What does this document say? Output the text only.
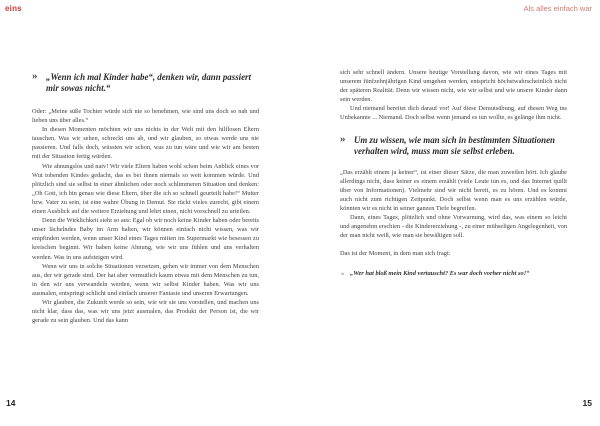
eins	Als alles einfach war
» „Wenn ich mal Kinder habe“, denken wir, dann passiert mir sowas nicht.“

Oder: „Meine süße Tochter würde sich nie so benehmen, wie sind uns doch so nah und lieben uns über alles.“

In diesen Momenten möchten wir uns nichts in der Welt mit den hilflosen Eltern tauschen. Was wir sehen, schreckt uns ab, und wir glauben, so etwas werde uns nie passieren. Und falls doch, wüssten wir schon, was zu tun wäre und wie wir am besten mit der Situation fertig würden.

Wie ahnungslos und naiv! Wir viele Eltern haben wohl schon beim Anblick eines vor Wut tobenden Kindes gedacht, das es bei ihnen niemals so weit kommen würde. Und plötzlich sind sie selbst in einer ähnlichen oder noch schlimmeren Situation und denken: „Oh Gott, ich bin genau wie diese Eltern, über die ich so schnell geurteilt habe!“ Mutter bzw. Vater zu sein, ist eine wahre Übung in Demut. Sie rückt vieles zurecht, gibt einem einen Ausblick auf die weitere Erziehung und lehrt einen, nicht vorschnell zu urteilen.

Denn die Wirklichkeit sieht so aus: Egal ob wir noch keine Kinder haben oder bereits unser lächelndes Baby im Arm halten, wir können einfach nicht wissen, was wir empfinden werden, wenn unser Kind eines Tages mitten im Supermarkt wie besessen zu kreischen beginnt. Wir haben keine Ahnung, wie wir uns fühlen und uns verhalten werden. Was in uns aufsteigen wird.

Wenn wir uns in solche Situationen versetzen, gehen wir immer von dem Menschen aus, der wir gerade sind. Der hat aber vermutlich kaum etwas mit dem Menschen zu tun, in den wir uns verwandeln werden, wenn wir selbst Kinder haben. Was wir uns ausmalen, entspringt schlicht und einfach unserer Fantasie und unseren Erwartungen.

Wir glauben, die Zukunft werde so sein, wie wir sie uns vorstellen, und machen uns nicht klar, dass das, was wir uns jetzt ausmalen, das Produkt der Person ist, die wir gerade zu sein glauben. Und das kann

sich sehr schnell ändern. Unsere heutige Vorstellung davon, wie wir eines Tages mit unserem fünfzehnjährigen Kind umgehen werden, entspricht höchstwahrscheinlich nicht der späteren Realität. Denn wir wissen nicht, wie wir selbst und wie unsere Kinder dann sein werden.

Und niemand bereitet dich darauf vor! Auf diese Demutsübung, auf diesen Weg ins Unbekannte ... Niemand. Doch selbst wenn jemand es tun wollte, es gelänge ihm nicht.

» Um zu wissen, wie man sich in bestimmten Situationen verhalten wird, muss man sie selbst erleben.

„Das erzählt einem ja keiner“, ist einer dieser Sätze, die man zuweilen hört. Ich glaube allerdings nicht, dass keiner es einem erzählt (viele Leute tun es, und das Internet quillt über von Informationen). Vielmehr sind wir nicht bereit, es zu hören. Und es kommt auch nicht zum richtigen Zeitpunkt. Doch selbst wenn man es uns erzählen würde, könnten wir es nicht in seiner ganzen Tiefe begreifen.

Dann, eines Tages, plötzlich und ohne Vorwarnung, wird das, was einem so leicht und angenehm erschien - die Kindererziehung -, zu einer mühseligen Angelegenheit, von der man nicht weiß, wie man sie bewältigen soll.

Das ist der Moment, in dem man sich fragt:

» „Wer hat bloß mein Kind vertauscht? Es war doch vorher nicht so!“
14	15
